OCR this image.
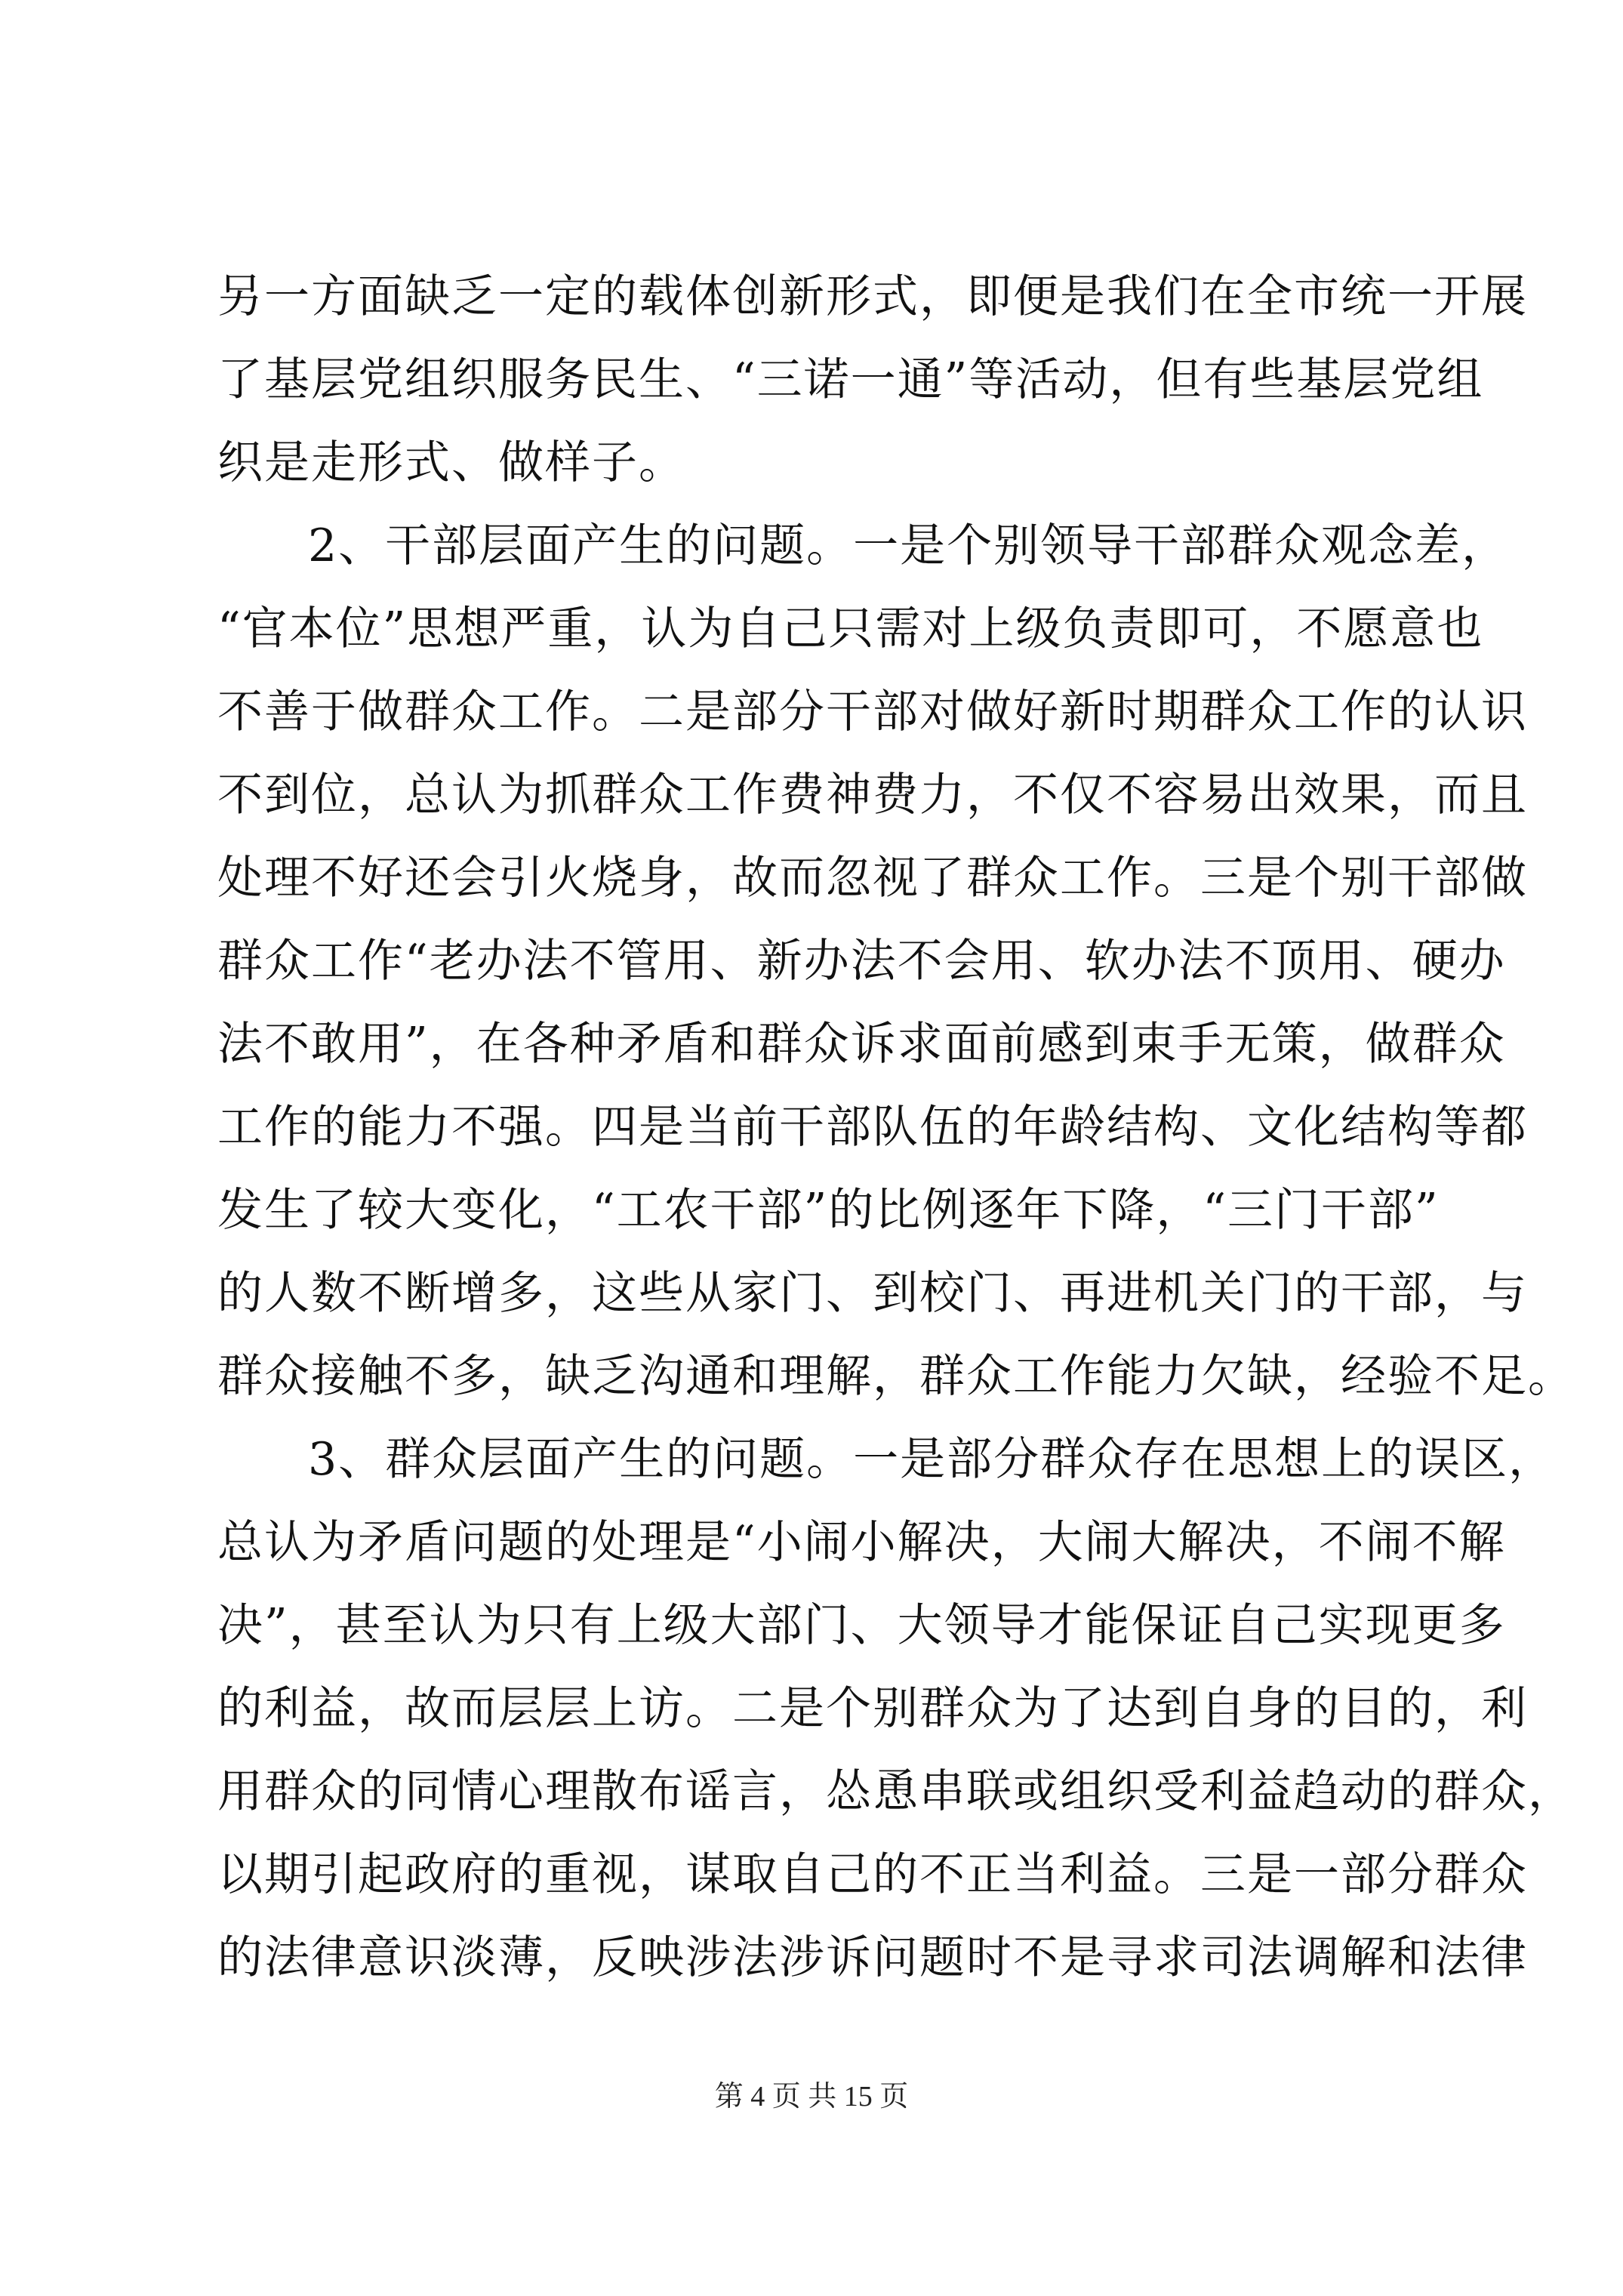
另一方面缺乏一定的载体创新形式，即便是我们在全市统一开展
了基层党组织服务民生、“三诺一通”等活动，但有些基层党组
织是走形式、做样子。
2、干部层面产生的问题。一是个别领导干部群众观念差，
“官本位”思想严重，认为自己只需对上级负责即可，不愿意也
不善于做群众工作。二是部分干部对做好新时期群众工作的认识
不到位，总认为抓群众工作费神费力，不仅不容易出效果，而且
处理不好还会引火烧身，故而忽视了群众工作。三是个别干部做
群众工作“老办法不管用、新办法不会用、软办法不顶用、硬办
法不敢用”，在各种矛盾和群众诉求面前感到束手无策，做群众
工作的能力不强。四是当前干部队伍的年龄结构、文化结构等都
发生了较大变化，“工农干部”的比例逐年下降，“三门干部”
的人数不断增多，这些从家门、到校门、再进机关门的干部，与
群众接触不多，缺乏沟通和理解，群众工作能力欠缺，经验不足。
3、群众层面产生的问题。一是部分群众存在思想上的误区，
总认为矛盾问题的处理是“小闹小解决，大闹大解决，不闹不解
决”，甚至认为只有上级大部门、大领导才能保证自己实现更多
的利益，故而层层上访。二是个别群众为了达到自身的目的，利
用群众的同情心理散布谣言，怂恿串联或组织受利益趋动的群众，
以期引起政府的重视，谋取自己的不正当利益。三是一部分群众
的法律意识淡薄，反映涉法涉诉问题时不是寻求司法调解和法律
第 4 页 共 15 页
